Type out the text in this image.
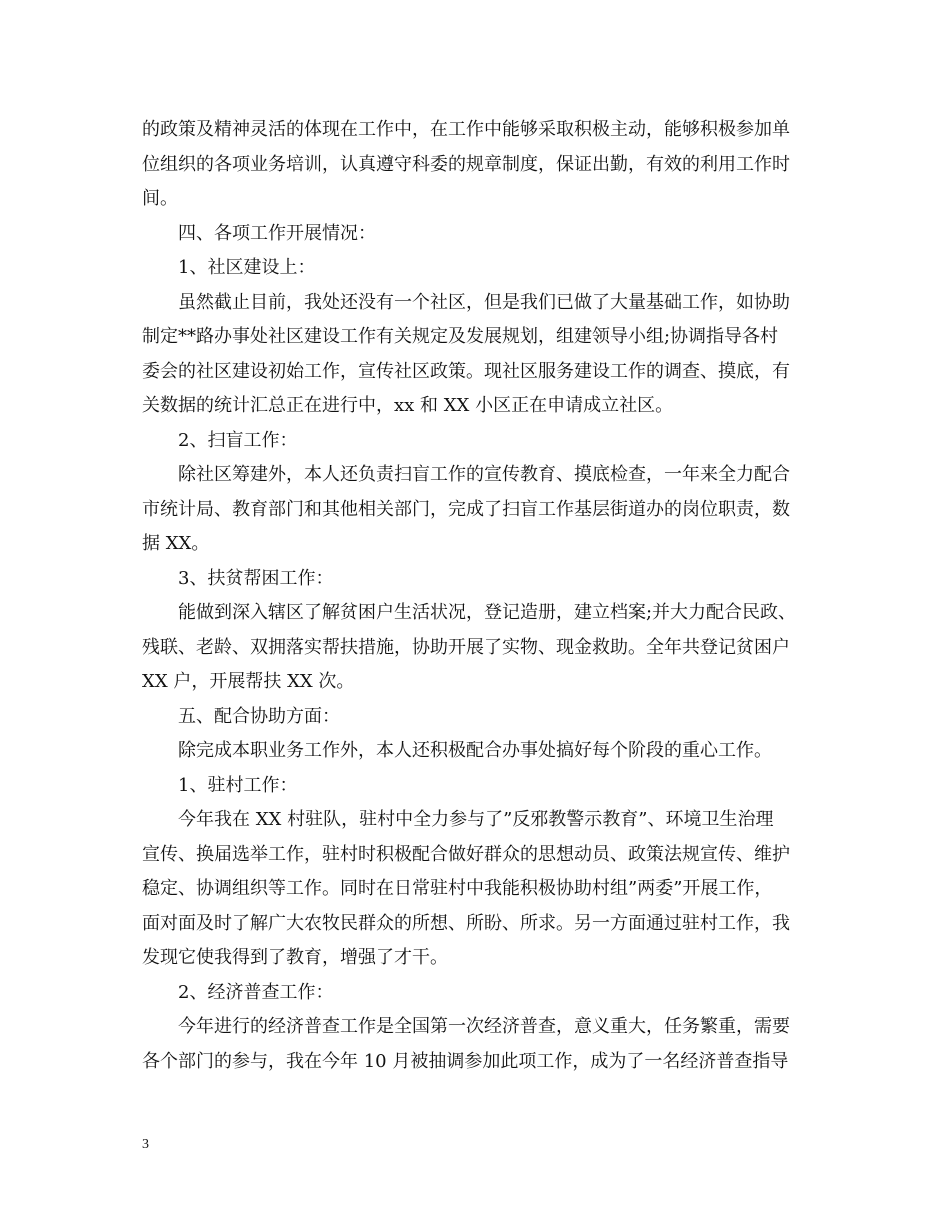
的政策及精神灵活的体现在工作中，在工作中能够采取积极主动，能够积极参加单
位组织的各项业务培训，认真遵守科委的规章制度，保证出勤，有效的利用工作时
间。
四、各项工作开展情况：
1、社区建设上：
虽然截止目前，我处还没有一个社区，但是我们已做了大量基础工作，如协助
制定**路办事处社区建设工作有关规定及发展规划，组建领导小组;协调指导各村
委会的社区建设初始工作，宣传社区政策。现社区服务建设工作的调查、摸底，有
关数据的统计汇总正在进行中，xx 和 XX 小区正在申请成立社区。
2、扫盲工作：
除社区筹建外，本人还负责扫盲工作的宣传教育、摸底检查，一年来全力配合
市统计局、教育部门和其他相关部门，完成了扫盲工作基层街道办的岗位职责，数
据 XX。
3、扶贫帮困工作：
能做到深入辖区了解贫困户生活状况，登记造册，建立档案;并大力配合民政、
残联、老龄、双拥落实帮扶措施，协助开展了实物、现金救助。全年共登记贫困户
XX 户，开展帮扶 XX 次。
五、配合协助方面：
除完成本职业务工作外，本人还积极配合办事处搞好每个阶段的重心工作。
1、驻村工作：
今年我在 XX 村驻队，驻村中全力参与了”反邪教警示教育”、环境卫生治理
宣传、换届选举工作，驻村时积极配合做好群众的思想动员、政策法规宣传、维护
稳定、协调组织等工作。同时在日常驻村中我能积极协助村组”两委”开展工作，
面对面及时了解广大农牧民群众的所想、所盼、所求。另一方面通过驻村工作，我
发现它使我得到了教育，增强了才干。
2、经济普查工作：
今年进行的经济普查工作是全国第一次经济普查，意义重大，任务繁重，需要
各个部门的参与，我在今年 10 月被抽调参加此项工作，成为了一名经济普查指导
3
